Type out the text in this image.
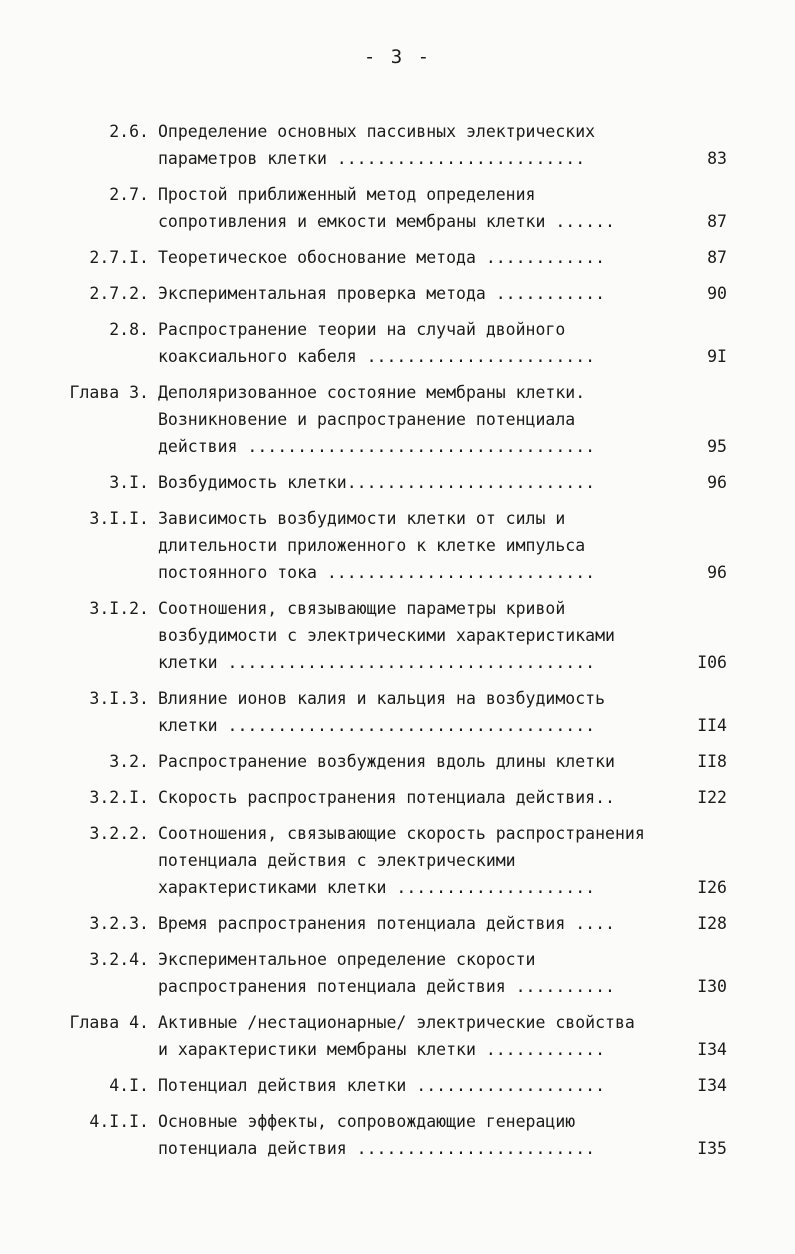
- 3 -
2.6. Определение основных пассивных электрических
параметров клетки .........................	83
2.7. Простой приближенный метод определения
сопротивления и емкости мембраны клетки ......	87
2.7.I. Теоретическое обоснование метода ............	87
2.7.2. Экспериментальная проверка метода ...........	90
2.8. Распространение теории на случай двойного
коаксиального кабеля .......................	9I
Глава 3. Деполяризованное состояние мембраны клетки.
Возникновение и распространение потенциала
действия ...................................	95
3.I. Возбудимость клетки.........................	96
3.I.I. Зависимость возбудимости клетки от силы и
длительности приложенного к клетке импульса
постоянного тока ...........................	96
3.I.2. Соотношения, связывающие параметры кривой
возбудимости с электрическими характеристиками
клетки .....................................	I06
3.I.3. Влияние ионов калия и кальция на возбудимость
клетки .....................................	II4
3.2. Распространение возбуждения вдоль длины клетки	II8
3.2.I. Скорость распространения потенциала действия..	I22
3.2.2. Соотношения, связывающие скорость распространения
потенциала действия с электрическими
характеристиками клетки ....................	I26
3.2.3. Время распространения потенциала действия ....	I28
3.2.4. Экспериментальное определение скорости
распространения потенциала действия ..........	I30
Глава 4. Активные /нестационарные/ электрические свойства
и характеристики мембраны клетки ............	I34
4.I. Потенциал действия клетки ...................	I34
4.I.I. Основные эффекты, сопровождающие генерацию
потенциала действия ........................	I35
